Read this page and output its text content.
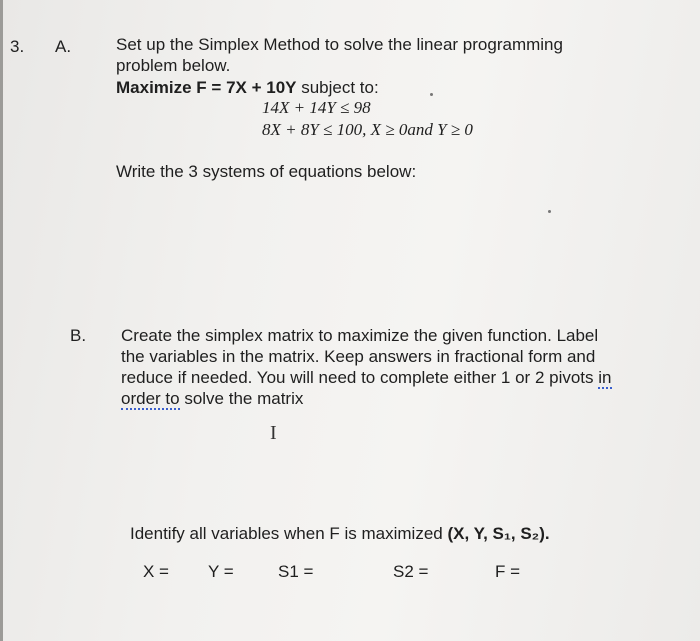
3. A.	Set up the Simplex Method to solve the linear programming
problem below.
Maximize F = 7X + 10Y subject to:
14X + 14Y ≤ 98
8X + 8Y ≤ 100, X ≥ 0and Y ≥ 0
Write the 3 systems of equations below:
B. Create the simplex matrix to maximize the given function. Label
the variables in the matrix. Keep answers in fractional form and
reduce if needed. You will need to complete either 1 or 2 pivots in
order to solve the matrix
I
Identify all variables when F is maximized (X, Y, S₁, S₂).
X = Y =	S1 =	S2 =	F =
